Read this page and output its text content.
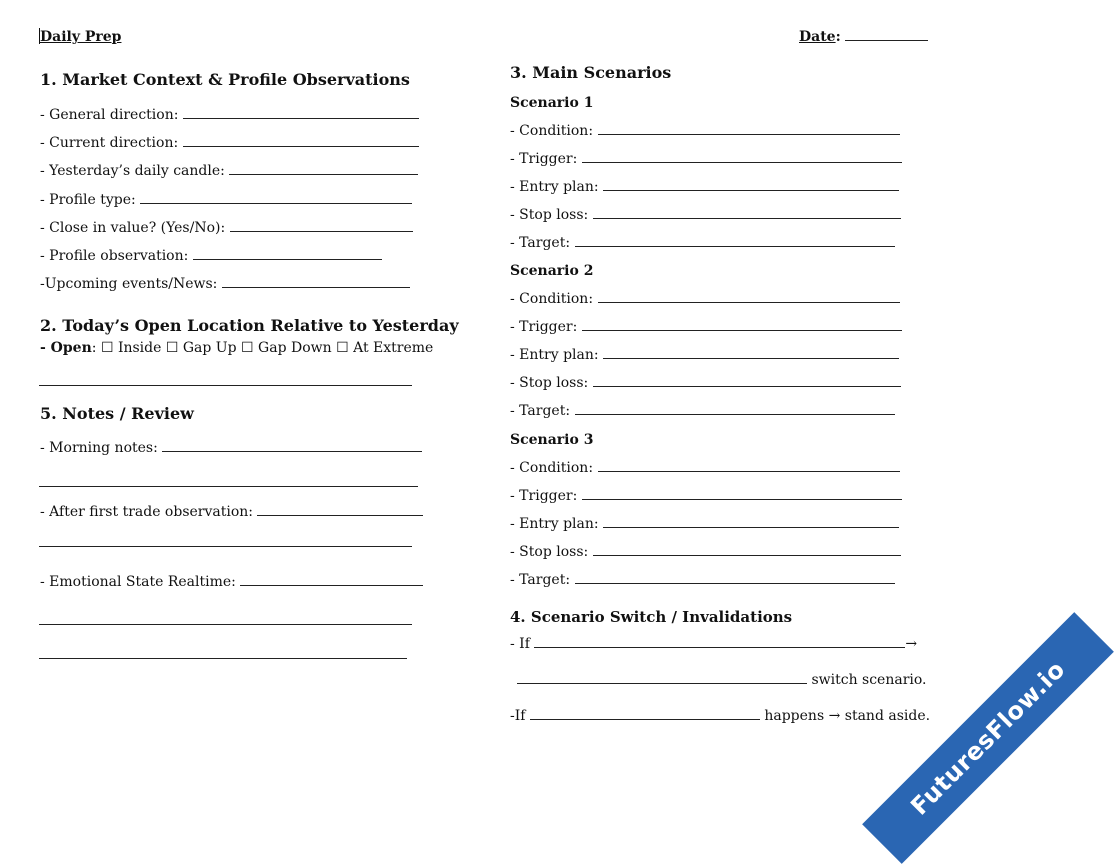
Daily Prep	Date:
1. Market Context & Profile Observations
- General direction:
- Current direction:
- Yesterday’s daily candle:
- Profile type:
- Close in value? (Yes/No):
- Profile observation:
-Upcoming events/News:
2. Today’s Open Location Relative to Yesterday
- Open: ☐ Inside ☐ Gap Up ☐ Gap Down ☐ At Extreme
5. Notes / Review
- Morning notes:
- After first trade observation:
- Emotional State Realtime:
3. Main Scenarios
Scenario 1
- Condition:
- Trigger:
- Entry plan:
- Stop loss:
- Target:
Scenario 2
- Condition:
- Trigger:
- Entry plan:
- Stop loss:
- Target:
Scenario 3
- Condition:
- Trigger:
- Entry plan:
- Stop loss:
- Target:
4. Scenario Switch / Invalidations
- If	→
switch scenario.
-If	happens → stand aside.
Futures
Flow.io
